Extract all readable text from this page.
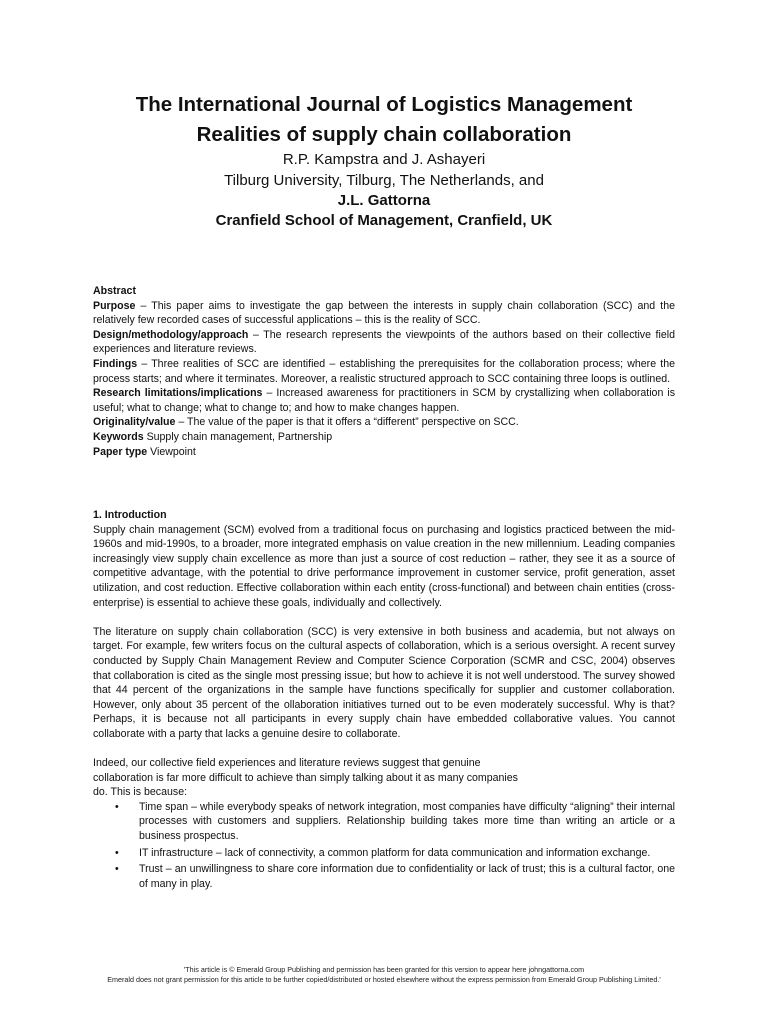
The International Journal of Logistics Management
Realities of supply chain collaboration
R.P. Kampstra and J. Ashayeri
Tilburg University, Tilburg, The Netherlands, and
J.L. Gattorna
Cranfield School of Management, Cranfield, UK

Abstract

Purpose – This paper aims to investigate the gap between the interests in supply chain collaboration (SCC) and the relatively few recorded cases of successful applications – this is the reality of SCC.

Design/methodology/approach – The research represents the viewpoints of the authors based on their collective field experiences and literature reviews.

Findings – Three realities of SCC are identified – establishing the prerequisites for the collaboration process; where the process starts; and where it terminates. Moreover, a realistic structured approach to SCC containing three loops is outlined.

Research limitations/implications – Increased awareness for practitioners in SCM by crystallizing when collaboration is useful; what to change; what to change to; and how to make changes happen.

Originality/value – The value of the paper is that it offers a “different” perspective on SCC.

Keywords Supply chain management, Partnership

Paper type Viewpoint

1. Introduction

Supply chain management (SCM) evolved from a traditional focus on purchasing and logistics practiced between the mid-1960s and mid-1990s, to a broader, more integrated emphasis on value creation in the new millennium. Leading companies increasingly view supply chain excellence as more than just a source of cost reduction – rather, they see it as a source of competitive advantage, with the potential to drive performance improvement in customer service, profit generation, asset utilization, and cost reduction. Effective collaboration within each entity (cross-functional) and between chain entities (cross-enterprise) is essential to achieve these goals, individually and collectively.

The literature on supply chain collaboration (SCC) is very extensive in both business and academia, but not always on target. For example, few writers focus on the cultural aspects of collaboration, which is a serious oversight. A recent survey conducted by Supply Chain Management Review and Computer Science Corporation (SCMR and CSC, 2004) observes that collaboration is cited as the single most pressing issue; but how to achieve it is not well understood. The survey showed that 44 percent of the organizations in the sample have functions specifically for supplier and customer collaboration. However, only about 35 percent of the ollaboration initiatives turned out to be even moderately successful. Why is that? Perhaps, it is because not all participants in every supply chain have embedded collaborative values. You cannot collaborate with a party that lacks a genuine desire to collaborate.

Indeed, our collective field experiences and literature reviews suggest that genuine collaboration is far more difficult to achieve than simply talking about it as many companies do. This is because:

• Time span – while everybody speaks of network integration, most companies have difficulty “aligning” their internal processes with customers and suppliers. Relationship building takes more time than writing an article or a business prospectus.
• IT infrastructure – lack of connectivity, a common platform for data communication and information exchange.
• Trust – an unwillingness to share core information due to confidentiality or lack of trust; this is a cultural factor, one of many in play.
'This article is © Emerald Group Publishing and permission has been granted for this version to appear here johngattorna.com
Emerald does not grant permission for this article to be further copied/distributed or hosted elsewhere without the express permission from Emerald Group Publishing Limited.'
